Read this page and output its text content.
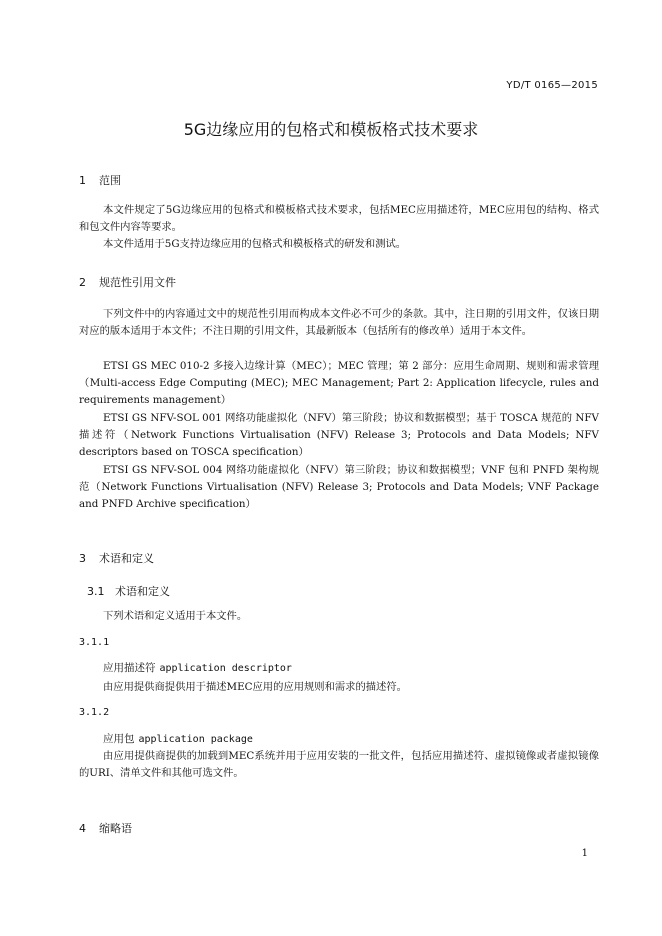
YD/T 0165—2015
5G边缘应用的包格式和模板格式技术要求
1 范围
本文件规定了5G边缘应用的包格式和模板格式技术要求，包括MEC应用描述符，MEC应用包的结构、格式和包文件内容等要求。
本文件适用于5G支持边缘应用的包格式和模板格式的研发和测试。
2 规范性引用文件
下列文件中的内容通过文中的规范性引用而构成本文件必不可少的条款。其中，注日期的引用文件，仅该日期对应的版本适用于本文件；不注日期的引用文件，其最新版本（包括所有的修改单）适用于本文件。
ETSI GS MEC 010-2 多接入边缘计算（MEC）；MEC 管理；第 2 部分：应用生命周期、规则和需求管理（Multi-access Edge Computing (MEC); MEC Management; Part 2: Application lifecycle, rules and requirements management）
ETSI GS NFV-SOL 001 网络功能虚拟化（NFV）第三阶段；协议和数据模型；基于 TOSCA 规范的 NFV 描述符（Network Functions Virtualisation (NFV) Release 3; Protocols and Data Models; NFV descriptors based on TOSCA specification）
ETSI GS NFV-SOL 004 网络功能虚拟化（NFV）第三阶段；协议和数据模型；VNF 包和 PNFD 架构规范（Network Functions Virtualisation (NFV) Release 3; Protocols and Data Models; VNF Package and PNFD Archive specification）
3 术语和定义
3.1 术语和定义
下列术语和定义适用于本文件。
3.1.1
应用描述符 application descriptor
由应用提供商提供用于描述MEC应用的应用规则和需求的描述符。
3.1.2
应用包 application package
由应用提供商提供的加载到MEC系统并用于应用安装的一批文件，包括应用描述符、虚拟镜像或者虚拟镜像的URI、清单文件和其他可选文件。
4 缩略语
1
